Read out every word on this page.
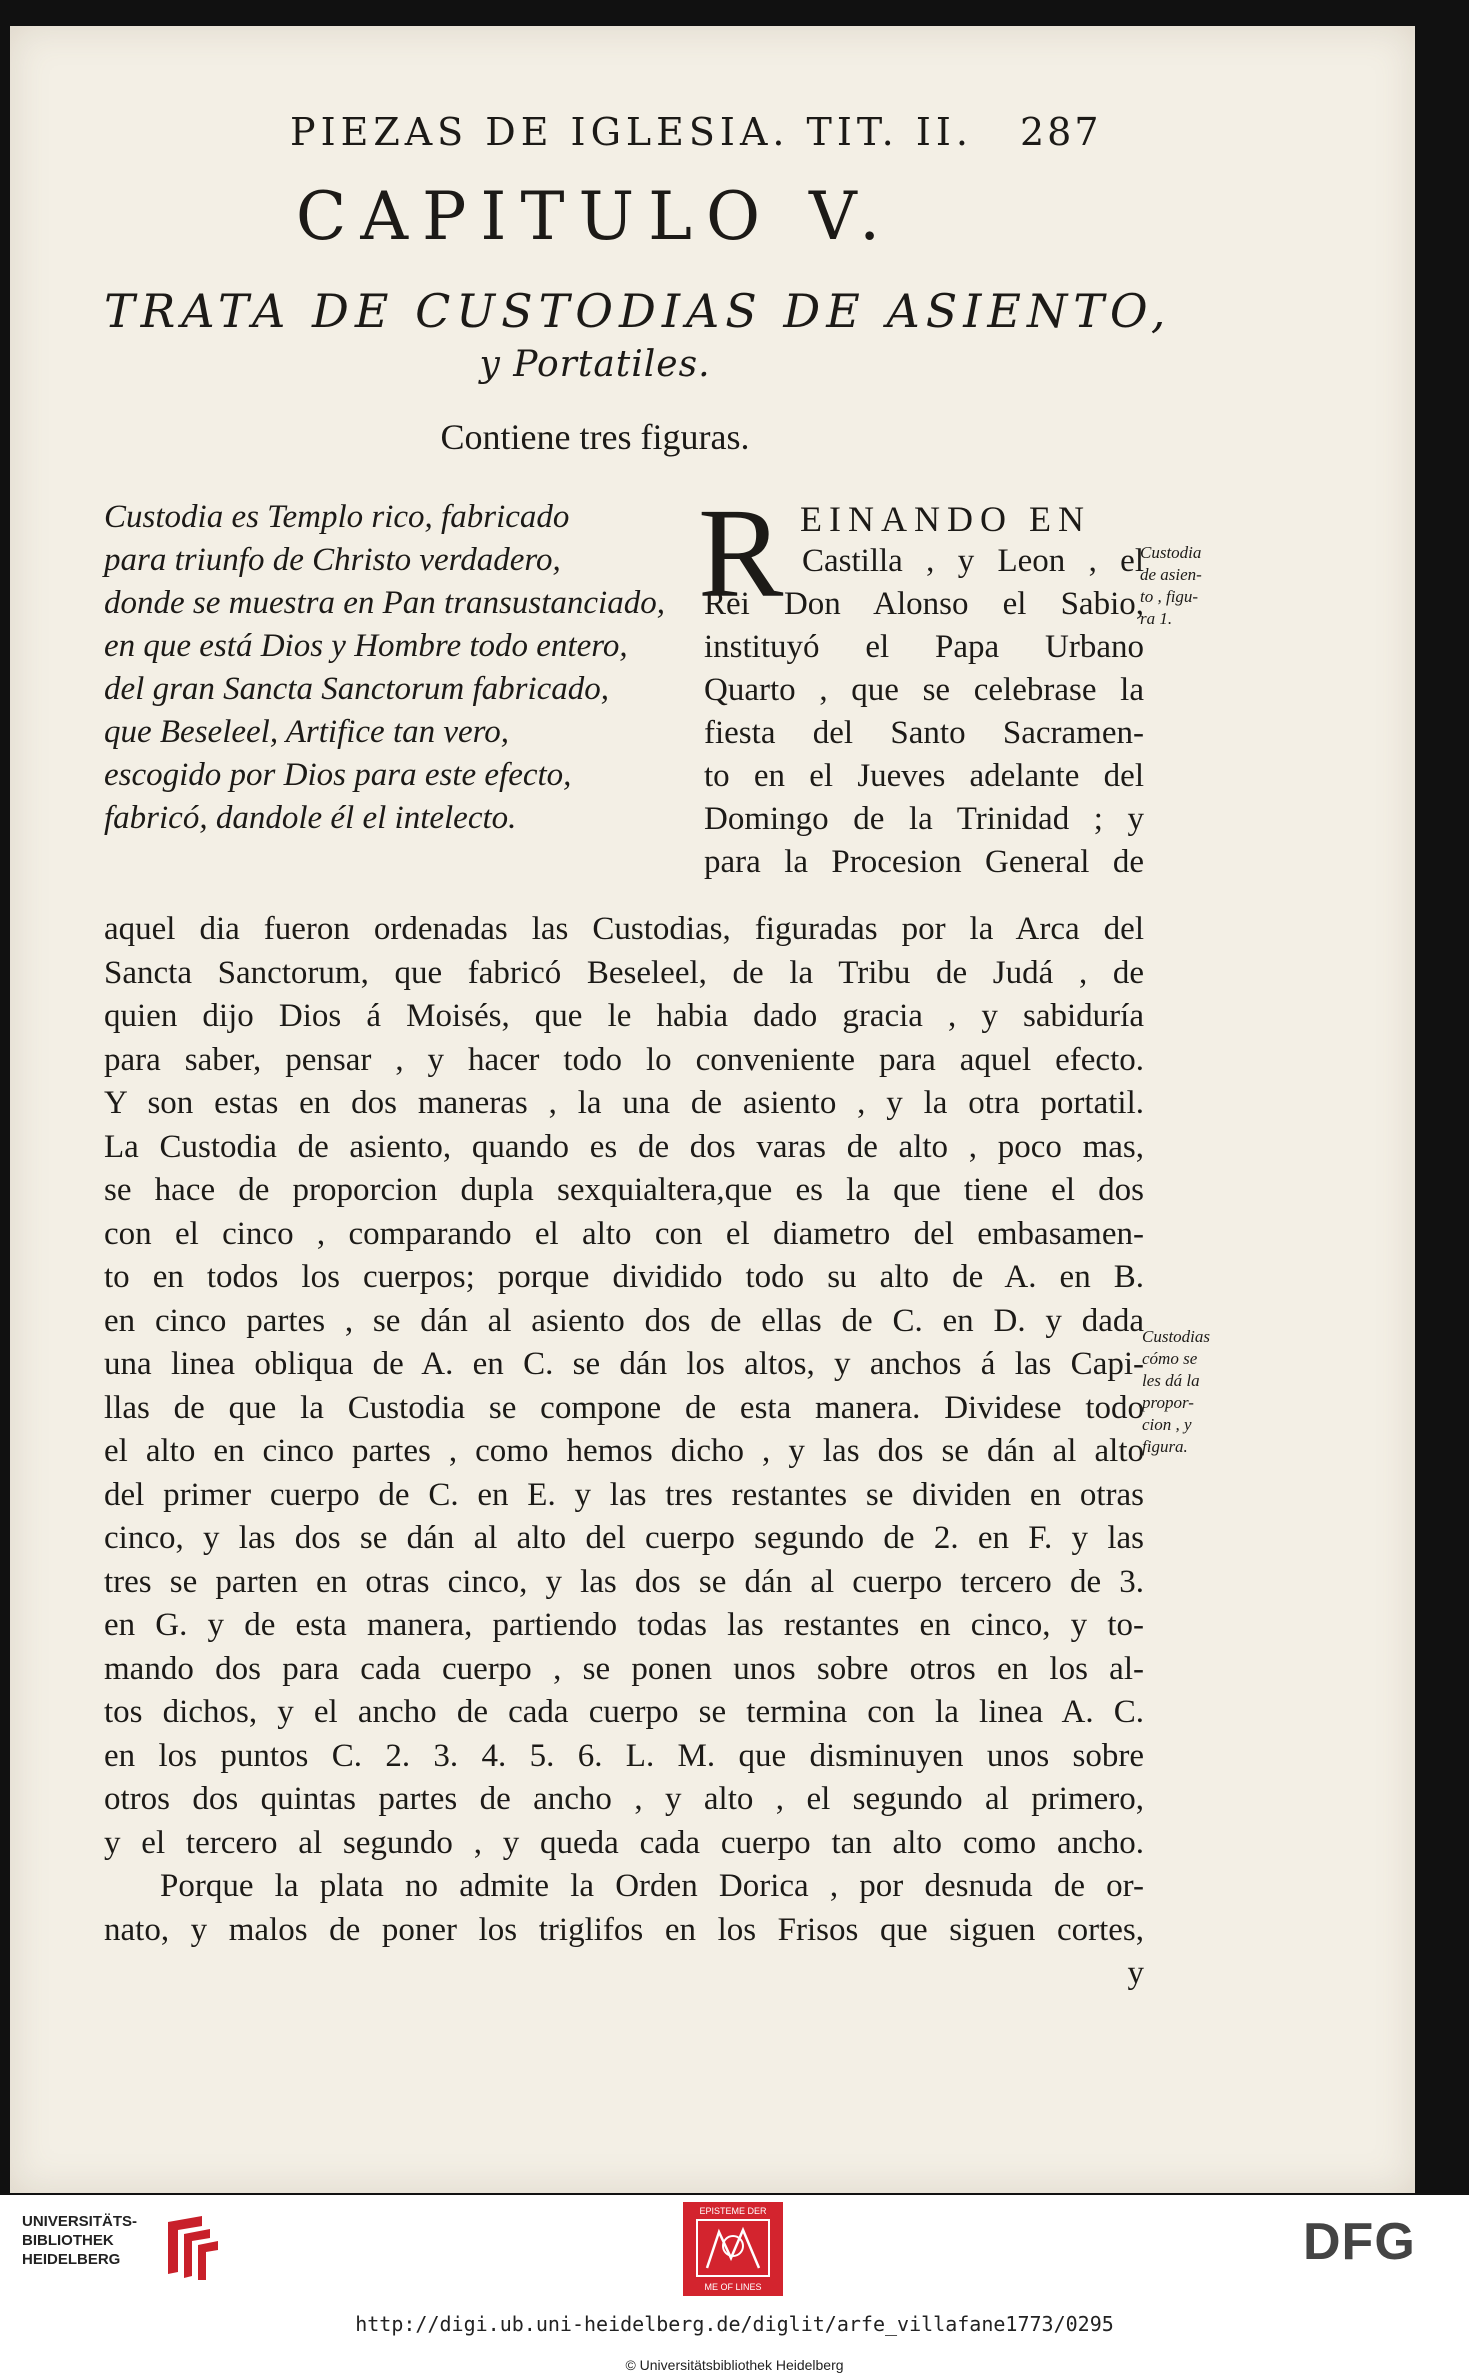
PIEZAS DE IGLESIA. TIT. II. 287
CAPITULO V.
TRATA DE CUSTODIAS DE ASIENTO,
y Portatiles.
Contiene tres figuras.
Custodia es Templo rico, fabricado
para triunfo de Christo verdadero,
donde se muestra en Pan transustanciado,
en que está Dios y Hombre todo entero,
del gran Sancta Sanctorum fabricado,
que Beseleel, Artifice tan vero,
escogido por Dios para este efecto,
fabricó, dandole él el intelecto.
R EINANDO EN
Castilla , y Leon , el
Rei Don Alonso el Sabio,
instituyó el Papa Urbano
Quarto , que se celebrase la
fiesta del Santo Sacramen-
to en el Jueves adelante del
Domingo de la Trinidad ; y
para la Procesion General de
aquel dia fueron ordenadas las Custodias, figuradas por la Arca del
Sancta Sanctorum, que fabricó Beseleel, de la Tribu de Judá , de
quien dijo Dios á Moisés, que le habia dado gracia , y sabiduría
para saber, pensar , y hacer todo lo conveniente para aquel efecto.
Y son estas en dos maneras , la una de asiento , y la otra portatil.
La Custodia de asiento, quando es de dos varas de alto , poco mas,
se hace de proporcion dupla sexquialtera,que es la que tiene el dos
con el cinco , comparando el alto con el diametro del embasamen-
to en todos los cuerpos; porque dividido todo su alto de A. en B.
en cinco partes , se dán al asiento dos de ellas de C. en D. y dada
una linea obliqua de A. en C. se dán los altos, y anchos á las Capi-
llas de que la Custodia se compone de esta manera. Dividese todo
el alto en cinco partes , como hemos dicho , y las dos se dán al alto
del primer cuerpo de C. en E. y las tres restantes se dividen en otras
cinco, y las dos se dán al alto del cuerpo segundo de 2. en F. y las
tres se parten en otras cinco, y las dos se dán al cuerpo tercero de 3.
en G. y de esta manera, partiendo todas las restantes en cinco, y to-
mando dos para cada cuerpo , se ponen unos sobre otros en los al-
tos dichos, y el ancho de cada cuerpo se termina con la linea A. C.
en los puntos C. 2. 3. 4. 5. 6. L. M. que disminuyen unos sobre
otros dos quintas partes de ancho , y alto , el segundo al primero,
y el tercero al segundo , y queda cada cuerpo tan alto como ancho.
Porque la plata no admite la Orden Dorica , por desnuda de or-
nato, y malos de poner los triglifos en los Frisos que siguen cortes,
y
Custodia
de asien-
to , figu-
ra 1.
Custodias
cómo se
les dá la
propor-
cion , y
figura.
UNIVERSITÄTS-
BIBLIOTHEK
HEIDELBERG
EPISTEME DER
ME OF LINES
DFG
http://digi.ub.uni-heidelberg.de/diglit/arfe_villafane1773/0295
© Universitätsbibliothek Heidelberg
